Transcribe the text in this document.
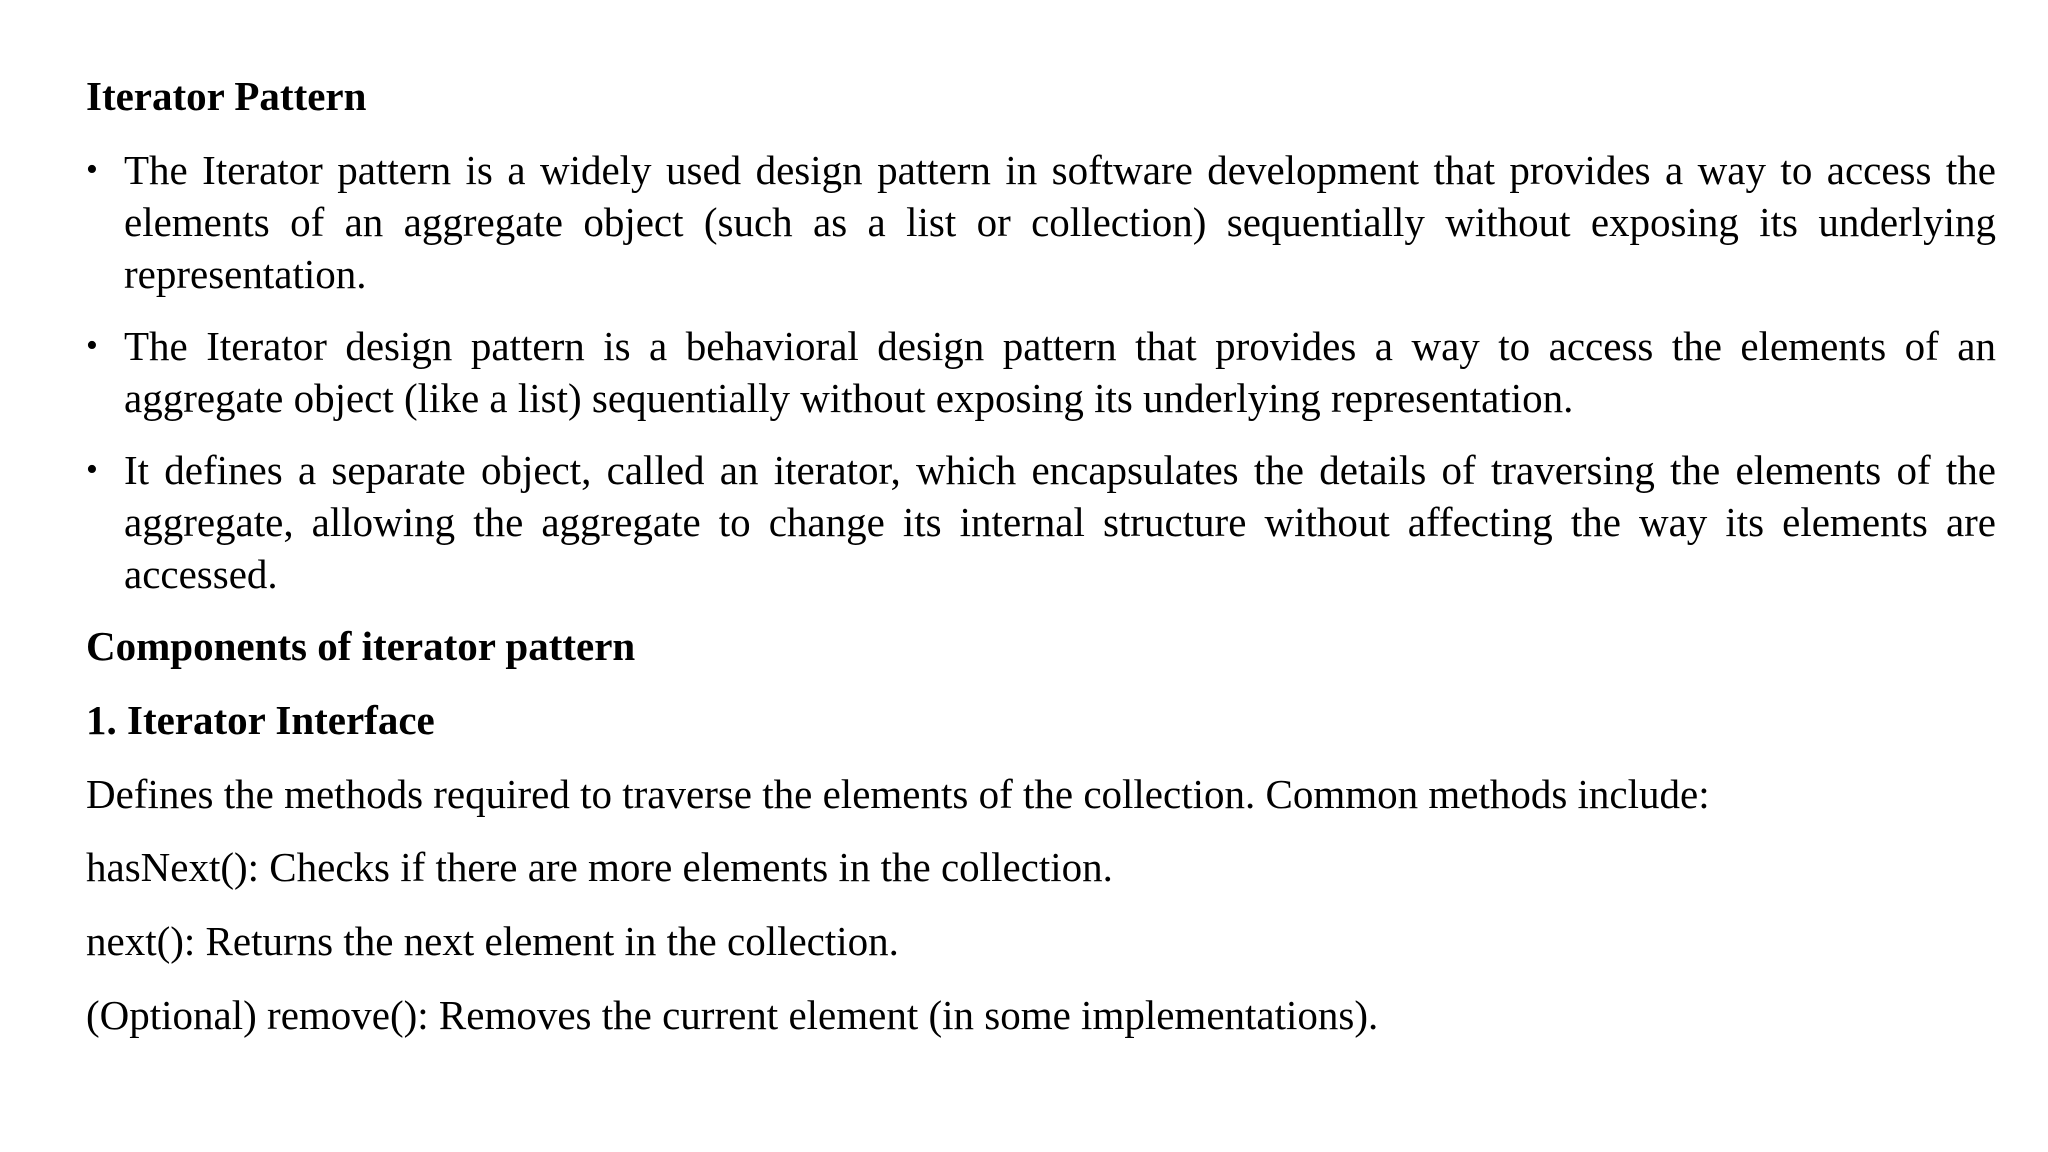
Iterator Pattern
• The Iterator pattern is a widely used design pattern in software development that provides a way to access the elements of an aggregate object (such as a list or collection) sequentially without exposing its underlying representation.
• The Iterator design pattern is a behavioral design pattern that provides a way to access the elements of an aggregate object (like a list) sequentially without exposing its underlying representation.
• It defines a separate object, called an iterator, which encapsulates the details of traversing the elements of the aggregate, allowing the aggregate to change its internal structure without affecting the way its elements are accessed.
Components of iterator pattern
1. Iterator Interface
Defines the methods required to traverse the elements of the collection. Common methods include:
hasNext(): Checks if there are more elements in the collection.
next(): Returns the next element in the collection.
(Optional) remove(): Removes the current element (in some implementations).
